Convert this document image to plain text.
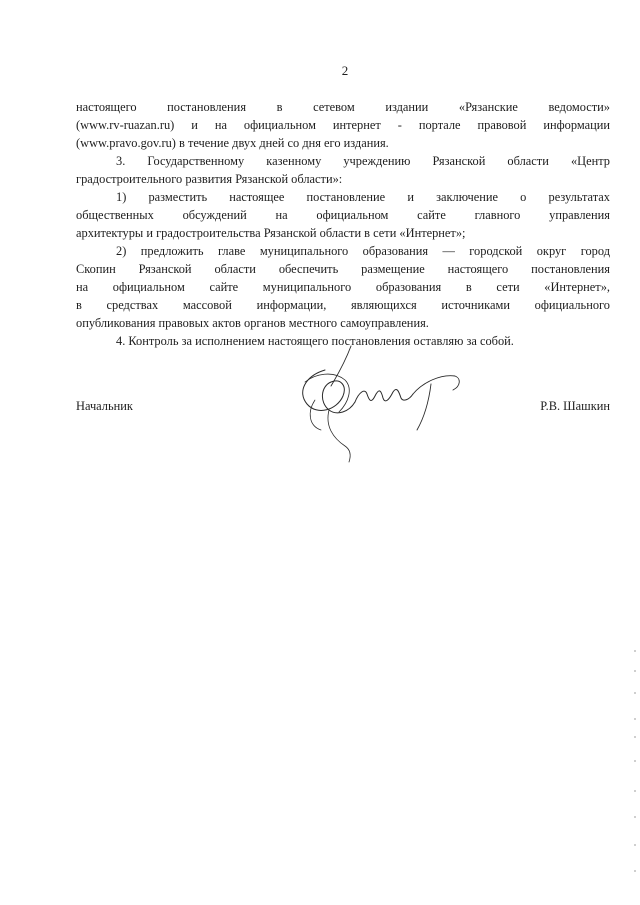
2
настоящего постановления в сетевом издании «Рязанские ведомости»
(www.rv-ruazan.ru) и на официальном интернет - портале правовой информации
(www.pravo.gov.ru) в течение двух дней со дня его издания.
3. Государственному казенному учреждению Рязанской области «Центр
градостроительного развития Рязанской области»:
1) разместить настоящее постановление и заключение о результатах
общественных обсуждений на официальном сайте главного управления
архитектуры и градостроительства Рязанской области в сети «Интернет»;
2) предложить главе муниципального образования — городской округ город
Скопин Рязанской области обеспечить размещение настоящего постановления
на официальном сайте муниципального образования в сети «Интернет»,
в средствах массовой информации, являющихся источниками официального
опубликования правовых актов органов местного самоуправления.
4. Контроль за исполнением настоящего постановления оставляю за собой.
Начальник	Р.В. Шашкин
